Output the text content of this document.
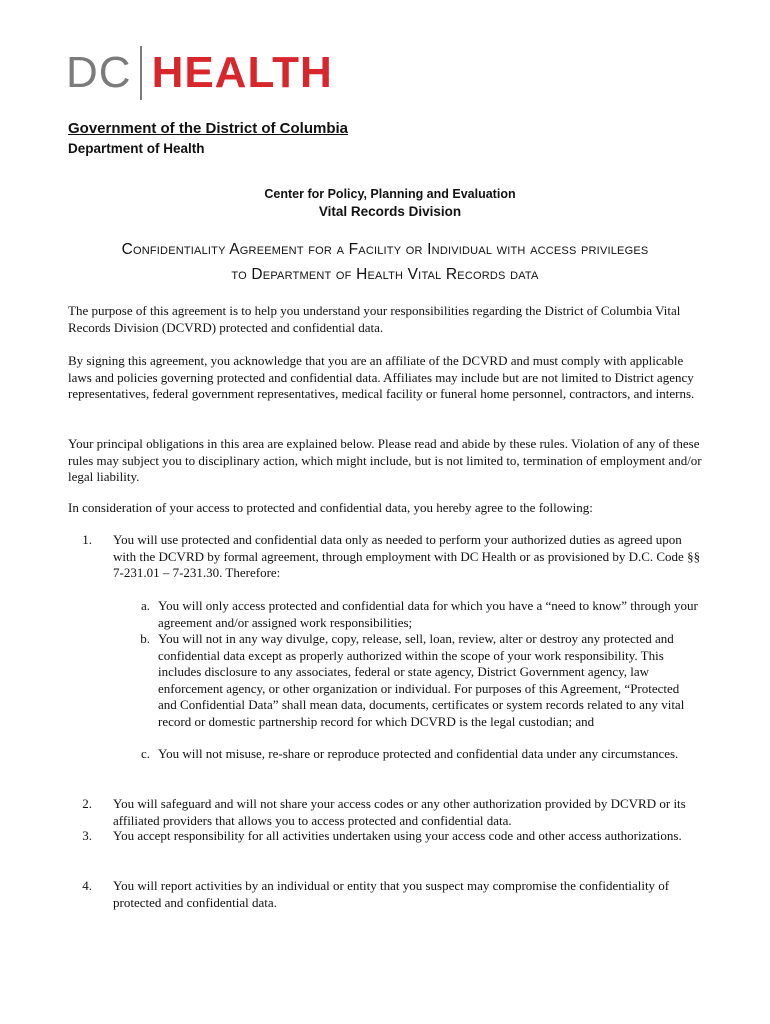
DC HEALTH
Government of the District of Columbia
Department of Health
Center for Policy, Planning and Evaluation
Vital Records Division
Confidentiality Agreement for a Facility or Individual with access privileges
to Department of Health Vital Records data
The purpose of this agreement is to help you understand your responsibilities regarding the District of Columbia Vital Records Division (DCVRD) protected and confidential data.
By signing this agreement, you acknowledge that you are an affiliate of the DCVRD and must comply with applicable laws and policies governing protected and confidential data. Affiliates may include but are not limited to District agency representatives, federal government representatives, medical facility or funeral home personnel, contractors, and interns.
Your principal obligations in this area are explained below. Please read and abide by these rules. Violation of any of these rules may subject you to disciplinary action, which might include, but is not limited to, termination of employment and/or legal liability.
In consideration of your access to protected and confidential data, you hereby agree to the following:
1. You will use protected and confidential data only as needed to perform your authorized duties as agreed upon with the DCVRD by formal agreement, through employment with DC Health or as provisioned by D.C. Code §§ 7-231.01 – 7-231.30. Therefore:
a. You will only access protected and confidential data for which you have a “need to know” through your agreement and/or assigned work responsibilities;
b. You will not in any way divulge, copy, release, sell, loan, review, alter or destroy any protected and confidential data except as properly authorized within the scope of your work responsibility. This includes disclosure to any associates, federal or state agency, District Government agency, law enforcement agency, or other organization or individual. For purposes of this Agreement, “Protected and Confidential Data” shall mean data, documents, certificates or system records related to any vital record or domestic partnership record for which DCVRD is the legal custodian; and
c. You will not misuse, re-share or reproduce protected and confidential data under any circumstances.
2. You will safeguard and will not share your access codes or any other authorization provided by DCVRD or its affiliated providers that allows you to access protected and confidential data.
3. You accept responsibility for all activities undertaken using your access code and other access authorizations.
4. You will report activities by an individual or entity that you suspect may compromise the confidentiality of protected and confidential data.
